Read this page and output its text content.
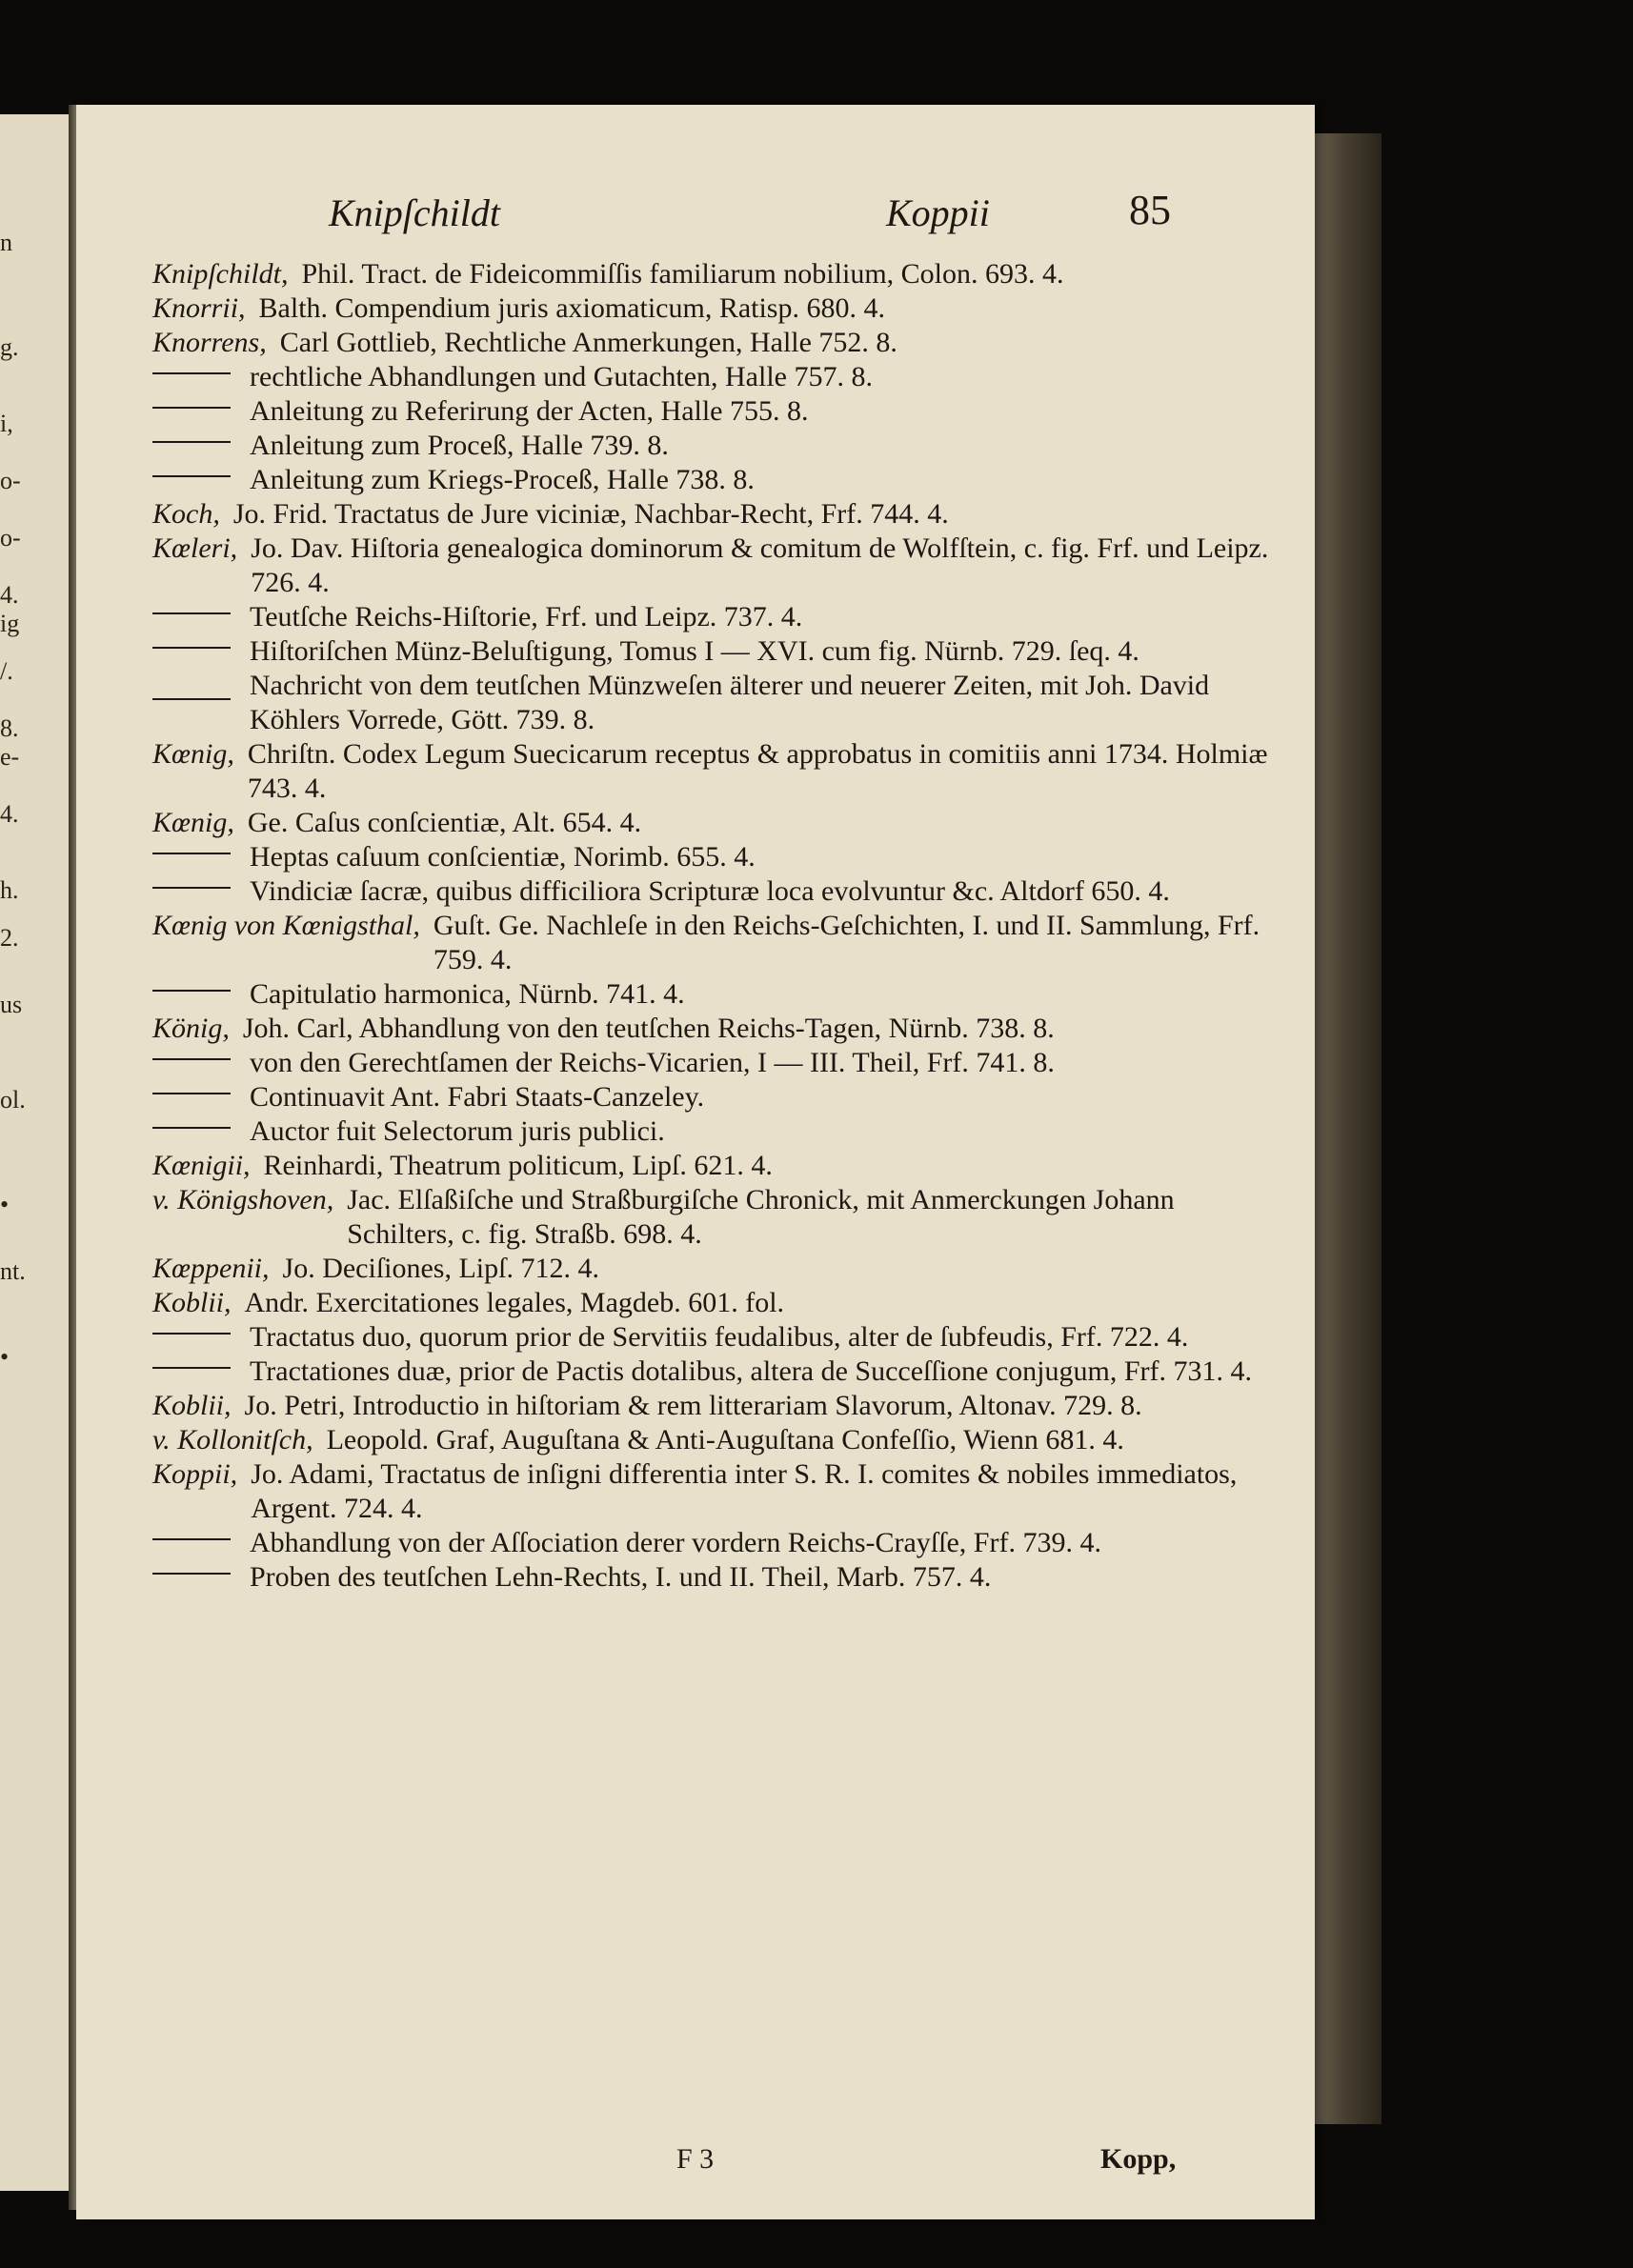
n
g.
i,
o-
o-
4.
ig
/.
8.
e-
4.
h.
2.
us
ol.
•
nt.
•
Knipſchildt	Koppii	85
Knipſchildt, Phil. Tract. de Fideicommiſſis familiarum nobilium, Colon. 693. 4.
Knorrii, Balth. Compendium juris axiomaticum, Ratisp. 680. 4.
Knorrens, Carl Gottlieb, Rechtliche Anmerkungen, Halle 752. 8.
rechtliche Abhandlungen und Gutachten, Halle 757. 8.
Anleitung zu Referirung der Acten, Halle 755. 8.
Anleitung zum Proceß, Halle 739. 8.
Anleitung zum Kriegs-Proceß, Halle 738. 8.
Koch, Jo. Frid. Tractatus de Jure viciniæ, Nachbar-Recht, Frf. 744. 4.
Kœleri, Jo. Dav. Hiſtoria genealogica dominorum & comitum de Wolfſtein, c. fig. Frf. und Leipz. 726. 4.
Teutſche Reichs-Hiſtorie, Frf. und Leipz. 737. 4.
Hiſtoriſchen Münz-Beluſtigung, Tomus I — XVI. cum fig. Nürnb. 729. ſeq. 4.
Nachricht von dem teutſchen Münzweſen älterer und neuerer Zeiten, mit Joh. David Köhlers Vorrede, Gött. 739. 8.
Kœnig, Chriſtn. Codex Legum Suecicarum receptus & approbatus in comitiis anni 1734. Holmiæ 743. 4.
Kœnig, Ge. Caſus conſcientiæ, Alt. 654. 4.
Heptas caſuum conſcientiæ, Norimb. 655. 4.
Vindiciæ ſacræ, quibus difficiliora Scripturæ loca evolvuntur &c. Altdorf 650. 4.
Kœnig von Kœnigsthal, Guſt. Ge. Nachleſe in den Reichs-Geſchichten, I. und II. Sammlung, Frf. 759. 4.
Capitulatio harmonica, Nürnb. 741. 4.
König, Joh. Carl, Abhandlung von den teutſchen Reichs-Tagen, Nürnb. 738. 8.
von den Gerechtſamen der Reichs-Vicarien, I — III. Theil, Frf. 741. 8.
Continuavit Ant. Fabri Staats-Canzeley.
Auctor fuit Selectorum juris publici.
Kœnigii, Reinhardi, Theatrum politicum, Lipſ. 621. 4.
v. Königshoven, Jac. Elſaßiſche und Straßburgiſche Chronick, mit Anmerckungen Johann Schilters, c. fig. Straßb. 698. 4.
Kœppenii, Jo. Deciſiones, Lipſ. 712. 4.
Koblii, Andr. Exercitationes legales, Magdeb. 601. fol.
Tractatus duo, quorum prior de Servitiis feudalibus, alter de ſubfeudis, Frf. 722. 4.
Tractationes duæ, prior de Pactis dotalibus, altera de Succeſſione conjugum, Frf. 731. 4.
Koblii, Jo. Petri, Introductio in hiſtoriam & rem litterariam Slavorum, Altonav. 729. 8.
v. Kollonitſch, Leopold. Graf, Auguſtana & Anti-Auguſtana Confeſſio, Wienn 681. 4.
Koppii, Jo. Adami, Tractatus de inſigni differentia inter S. R. I. comites & nobiles immediatos, Argent. 724. 4.
Abhandlung von der Aſſociation derer vordern Reichs-Crayſſe, Frf. 739. 4.
Proben des teutſchen Lehn-Rechts, I. und II. Theil, Marb. 757. 4.
F 3	Kopp,
